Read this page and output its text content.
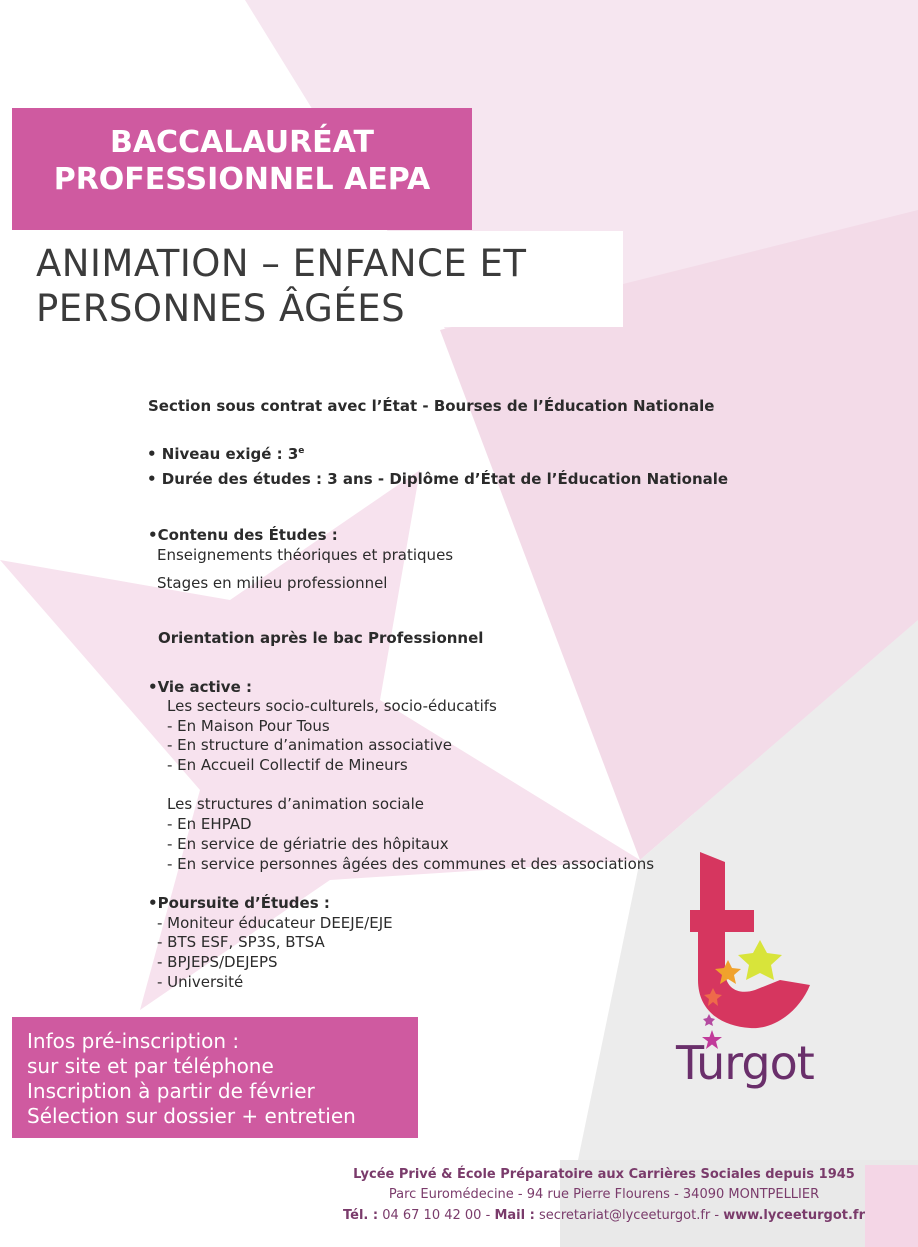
BACCALAURÉAT
PROFESSIONNEL AEPA
ANIMATION – ENFANCE ET
PERSONNES ÂGÉES
Section sous contrat avec l’État - Bourses de l’Éducation Nationale
• Niveau exigé : 3e
• Durée des études : 3 ans - Diplôme d’État de l’Éducation Nationale
•Contenu des Études :
Enseignements théoriques et pratiques
Stages en milieu professionnel
Orientation après le bac Professionnel
•Vie active :
Les secteurs socio-culturels, socio-éducatifs
- En Maison Pour Tous
- En structure d’animation associative
- En Accueil Collectif de Mineurs
Les structures d’animation sociale
- En EHPAD
- En service de gériatrie des hôpitaux
- En service personnes âgées des communes et des associations
•Poursuite d’Études :
- Moniteur éducateur DEEJE/EJE
- BTS ESF, SP3S, BTSA
- BPJEPS/DEJEPS
- Université
Infos pré-inscription :
sur site et par téléphone
Inscription à partir de février
Sélection sur dossier + entretien
Turgot
Lycée Privé & École Préparatoire aux Carrières Sociales depuis 1945
Parc Euromédecine - 94 rue Pierre Flourens - 34090 MONTPELLIER
Tél. : 04 67 10 42 00 - Mail : secretariat@lyceeturgot.fr - www.lyceeturgot.fr
